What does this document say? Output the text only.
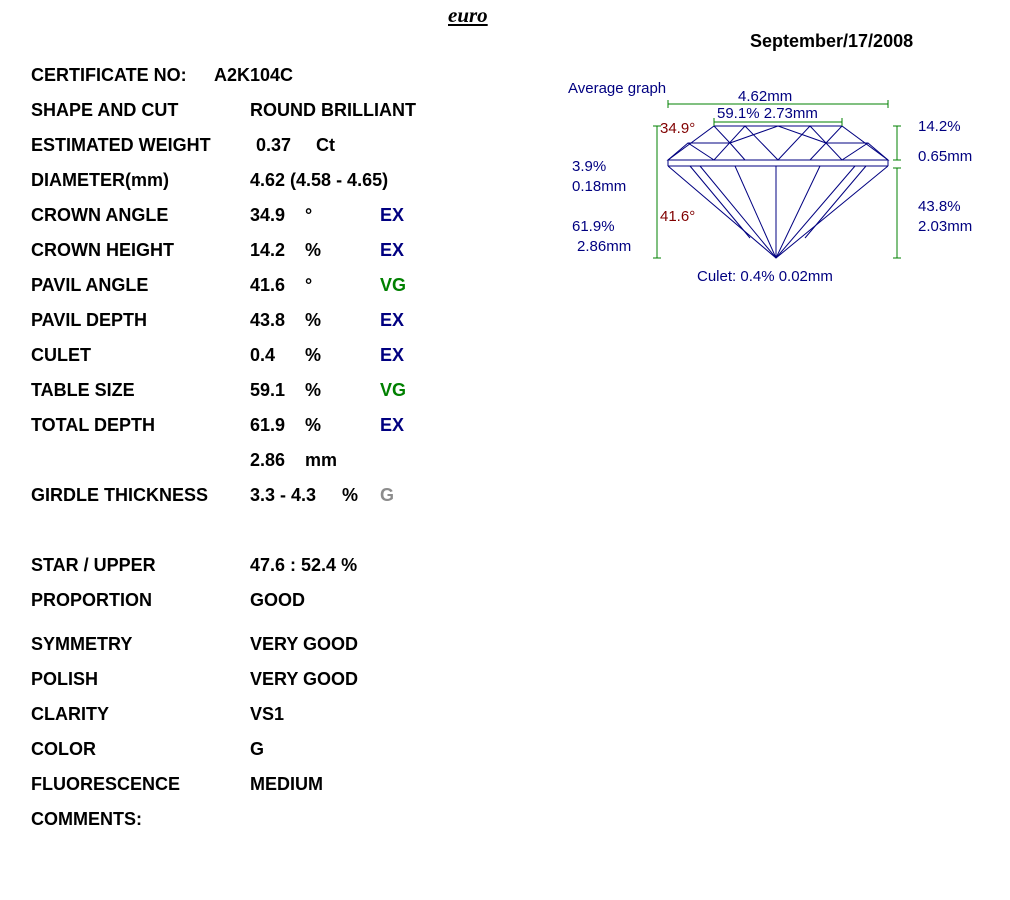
euro
September/17/2008
CERTIFICATE NO: A2K104C
SHAPE AND CUT	ROUND BRILLIANT
ESTIMATED WEIGHT	0.37 Ct
DIAMETER(mm)	4.62 (4.58 - 4.65)
CROWN ANGLE	34.9 °	EX
CROWN HEIGHT	14.2 %	EX
PAVIL ANGLE	41.6 °	VG
PAVIL DEPTH	43.8 %	EX
CULET	0.4 %	EX
TABLE SIZE	59.1 %	VG
TOTAL DEPTH	61.9 %	EX
2.86 mm
GIRDLE THICKNESS 3.3 - 4.3 % G
STAR / UPPER	47.6 : 52.4 %
PROPORTION	GOOD
SYMMETRY	VERY GOOD
POLISH	VERY GOOD
CLARITY	VS1
COLOR	G
FLUORESCENCE	MEDIUM
COMMENTS:
Average graph	4.62mm
59.1% 2.73mm
34.9°	14.2%
0.65mm
3.9%
0.18mm
43.8%
41.6°
61.9%	2.03mm
2.86mm
Culet: 0.4% 0.02mm
